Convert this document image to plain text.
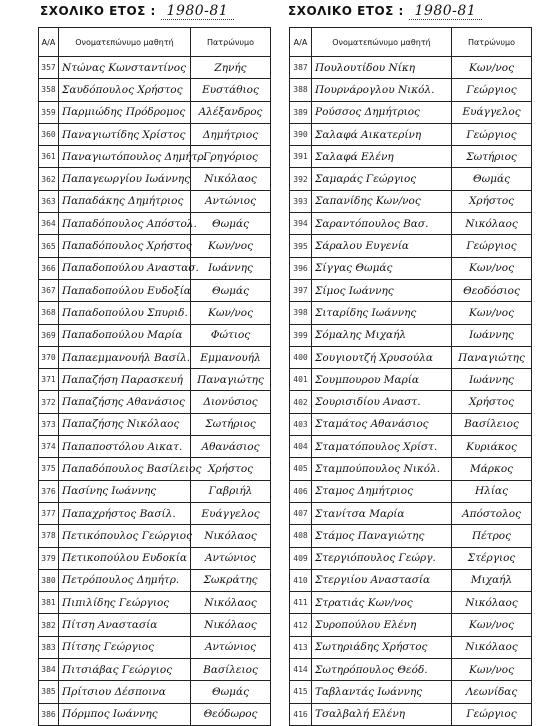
ΣΧΟΛΙΚΟ ΕΤΟΣ : 1980-81	ΣΧΟΛΙΚΟ ΕΤΟΣ : 1980-81
Α/Α	Ονοματεπώνυμο μαθητή	Πατρώνυμο
357	Ντώνας Κωνσταντίνος	Ζηνής
358	Σαυδόπουλος Χρήστος	Ευστάθιος
359	Παρμιώδης Πρόδρομος	Αλέξανδρος
360	Παναγιωτίδης Χρίστος	Δημήτριος
361	Παναγιωτόπουλος Δημήτρ.	Γρηγόριος
362	Παπαγεωργίου Ιωάννης	Νικόλαος
363	Παπαδάκης Δημήτριος	Αντώνιος
364	Παπαδόπουλος Απόστολ.	Θωμάς
365	Παπαδόπουλος Χρήστος	Κων/νος
366	Παπαδοπούλου Αναστασ.	Ιωάννης
367	Παπαδοπούλου Ευδοξία	Θωμάς
368	Παπαδοπούλου Σπυριδ.	Κων/νος
369	Παπαδοπούλου Μαρία	Φώτιος
370	Παπαεμμανουήλ Βασίλ.	Εμμανουήλ
371	Παπαζήση Παρασκευή	Παναγιώτης
372	Παπαζήσης Αθανάσιος	Διονύσιος
373	Παπαζήσης Νικόλαος	Σωτήριος
374	Παπαποστόλου Αικατ.	Αθανάσιος
375	Παπαδόπουλος Βασίλειος	Χρήστος
376	Πασίνης Ιωάννης	Γαβριήλ
377	Παπαχρήστος Βασίλ.	Ευάγγελος
378	Πετικόπουλος Γεώργιος	Νικόλαος
379	Πετικοπούλου Ευδοκία	Αντώνιος
380	Πετρόπουλος Δημήτρ.	Σωκράτης
381	Πιπιλίδης Γεώργιος	Νικόλαος
382	Πίτση Αναστασία	Νικόλαος
383	Πίτσης Γεώργιος	Αντώνιος
384	Πιτσιάβας Γεώργιος	Βασίλειος
385	Πρίτσιου Δέσποινα	Θωμάς
386	Πόρμπος Ιωάννης	Θεόδωρος
Α/Α	Ονοματεπώνυμο μαθητή	Πατρώνυμο
387	Πουλουτίδου Νίκη	Κων/νος
388	Πουρνάρογλου Νικόλ.	Γεώργιος
389	Ρούσσος Δημήτριος	Ευάγγελος
390	Σαλαφά Αικατερίνη	Γεώργιος
391	Σαλαφά Ελένη	Σωτήριος
392	Σαμαράς Γεώργιος	Θωμάς
393	Σαπανίδης Κων/νος	Χρήστος
394	Σαραντόπουλος Βασ.	Νικόλαος
395	Σάραλου Ευγενία	Γεώργιος
396	Σίγγας Θωμάς	Κων/νος
397	Σίμος Ιωάννης	Θεοδόσιος
398	Σιταρίδης Ιωάννης	Κων/νος
399	Σόμαλης Μιχαήλ	Ιωάννης
400	Σουγιουτζή Χρυσούλα	Παναγιώτης
401	Σουμπουρου Μαρία	Ιωάννης
402	Σουρισιδίου Αναστ.	Χρήστος
403	Σταμάτος Αθανάσιος	Βασίλειος
404	Σταματόπουλος Χρίστ.	Κυριάκος
405	Σταμπούπουλος Νικόλ.	Μάρκος
406	Σταμος Δημήτριος	Ηλίας
407	Στανίτσα Μαρία	Απόστολος
408	Στάμος Παναγιώτης	Πέτρος
409	Στεργιόπουλος Γεώργ.	Στέργιος
410	Στεργιίου Αναστασία	Μιχαήλ
411	Στρατιάς Κων/νος	Νικόλαος
412	Συροπούλου Ελένη	Κων/νος
413	Σωτηριάδης Χρήστος	Νικόλαος
414	Σωτηρόπουλος Θεόδ.	Κων/νος
415	Ταβλαντάς Ιωάννης	Λεωνίδας
416	Τσαλβαλή Ελένη	Γεώργιος
